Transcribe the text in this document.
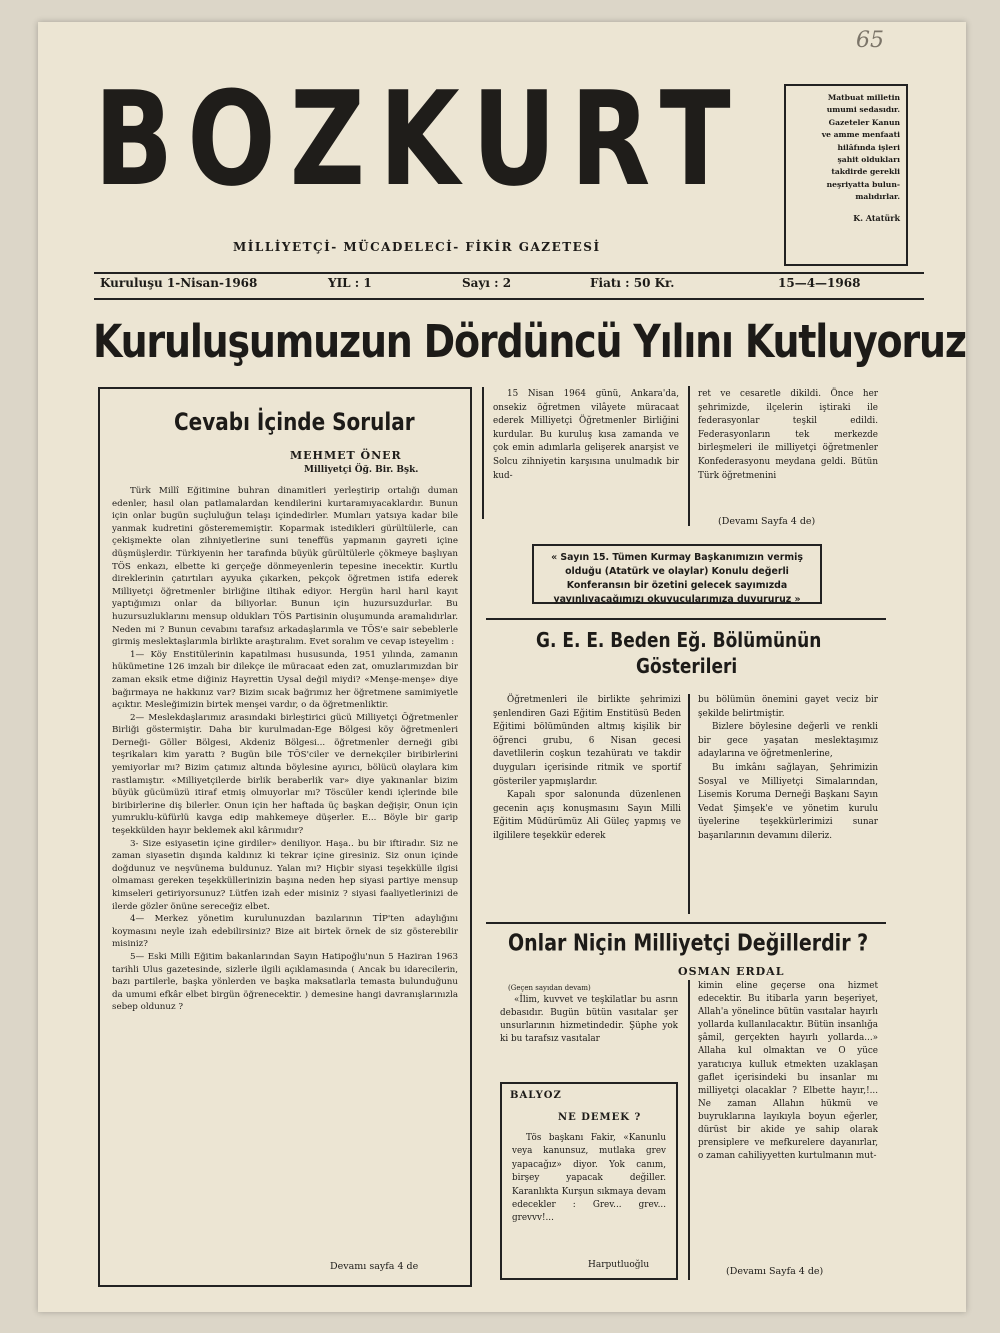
65
BOZKURT
MİLLİYETÇİ- MÜCADELECİ- FİKİR GAZETESİ
Matbuat milletin
umumi sedasıdır.
Gazeteler Kanun
ve amme menfaati
hilâfında işleri
şahit oldukları
takdirde gerekli
neşriyatta bulun-
malıdırlar.
K. Atatürk
Kuruluşu 1-Nisan-1968	YIL : 1	Sayı : 2	Fiatı : 50 Kr.	15—4—1968
Kuruluşumuzun Dördüncü Yılını Kutluyoruz
Cevabı İçinde Sorular
MEHMET ÖNER
Milliyetçi Öğ. Bir. Bşk.

Türk Millî Eğitimine buhran dinamitleri yerleştirip ortalığı duman edenler, hasıl olan patlamalardan kendilerini kurtaramıyacaklardır. Bunun için onlar bugün suçluluğun telaşı içindedirler. Mumları yatsıya kadar bile yanmak kudretini gösterememiştir. Koparmak istedikleri gürültülerle, can çekişmekte olan zihniyetlerine suni teneffüs yapmanın gayreti içine düşmüşlerdir. Türkiyenin her tarafında büyük gürültülerle çökmeye başlıyan TÖS enkazı, elbette ki gerçeğe dönmeyenlerin tepesine inecektir. Kurtlu direklerinin çatırtıları ayyuka çıkarken, pekçok öğretmen istifa ederek Milliyetçi öğretmenler birliğine iltihak ediyor. Hergün harıl harıl kayıt yaptığımızı onlar da biliyorlar. Bunun için huzursuzdurlar. Bu huzursuzluklarını mensup oldukları TÖS Partisinin oluşumunda aramalıdırlar. Neden mi ? Bunun cevabını tarafsız arkadaşlarımla ve TÖS'e sair sebeblerle girmiş meslektaşlarımla birlikte araştıralım. Evet soralım ve cevap isteyelim :

1— Köy Enstitülerinin kapatılması hususunda, 1951 yılında, zamanın hükümetine 126 imzalı bir dilekçe ile müracaat eden zat, omuzlarımızdan bir zaman eksik etme diğiniz Hayrettin Uysal değil miydi? «Menşe-menşe» diye bağırmaya ne hakkınız var? Bizim sıcak bağrımız her öğretmene samimiyetle açıktır. Mesleğimizin birtek menşei vardır, o da öğretmenliktir.

2— Meslekdaşlarımız arasındaki birleştirici gücü Milliyetçi Öğretmenler Birliği göstermiştir. Daha bir kurulmadan-Ege Bölgesi köy öğretmenleri Derneği- Göller Bölgesi, Akdeniz Bölgesi... öğretmenler derneği gibi teşrikaları kim yarattı ? Bugün bile TÖS'ciler ve dernekçiler biribirlerini yemiyorlar mı? Bizim çatımız altında böylesine ayırıcı, bölücü olaylara kim rastlamıştır. «Milliyetçilerde birlik beraberlik var» diye yakınanlar bizim büyük gücümüzü itiraf etmiş olmuyorlar mı? Töscüler kendi içlerinde bile biribirlerine diş bilerler. Onun için her haftada üç başkan değişir, Onun için yumruklu-küfürlü kavga edip mahkemeye düşerler. E... Böyle bir garip teşekkülden hayır beklemek akıl kârımıdır?

3- Size esiyasetin içine girdiler» deniliyor. Haşa.. bu bir iftiradır. Siz ne zaman siyasetin dışında kaldınız ki tekrar içine giresiniz. Siz onun içinde doğdunuz ve neşvünema buldunuz. Yalan mı? Hiçbir siyasi teşekkülle ilgisi olmaması gereken teşekküllerinizin başına neden hep siyasi partiye mensup kimseleri getiriyorsunuz? Lütfen izah eder misiniz ? siyasi faaliyetlerinizi de ilerde gözler önüne sereceğiz elbet.

4— Merkez yönetim kurulunuzdan bazılarının TİP'ten adaylığını koymasını neyle izah edebilirsiniz? Bize ait birtek örnek de siz gösterebilir misiniz?

5— Eski Milli Eğitim bakanlarından Sayın Hatipoğlu'nun 5 Haziran 1963 tarihli Ulus gazetesinde, sizlerle ilgili açıklamasında ( Ancak bu idarecilerin, bazı partilerle, başka yönlerden ve başka maksatlarla temasta bulunduğunu da umumi efkâr elbet birgün öğrenecektir. ) demesine hangi davranışlarınızla sebep oldunuz ?

Devamı sayfa 4 de

15 Nisan 1964 günü, Ankara'da, onsekiz öğretmen vilâyete müracaat ederek Milliyetçi Öğretmenler Birliğini kurdular. Bu kuruluş kısa zamanda ve çok emin adımlarla gelişerek anarşist ve Solcu zihniyetin karşısına unulmadık bir kud-

ret ve cesaretle dikildi. Önce her şehrimizde, ilçelerin iştiraki ile federasyonlar teşkil edildi. Federasyonların tek merkezde birleşmeleri ile milliyetçi öğretmenler Konfederasyonu meydana geldi. Bütün Türk öğretmenini

(Devamı Sayfa 4 de)
« Sayın 15. Tümen Kurmay Başkanımızın vermiş olduğu (Atatürk ve olaylar) Konulu değerli Konferansın bir özetini gelecek sayımızda yayınlıyacağımızı okuyucularımıza duyururuz »
G. E. E. Beden Eğ. Bölümünün
Gösterileri

Öğretmenleri ile birlikte şehrimizi şenlendiren Gazi Eğitim Enstitüsü Beden Eğitimi bölümünden altmış kişilik bir öğrenci grubu, 6 Nisan gecesi davetlilerin coşkun tezahüratı ve takdir duyguları içerisinde ritmik ve sportif gösteriler yapmışlardır.

Kapalı spor salonunda düzenlenen gecenin açış konuşmasını Sayın Milli Eğitim Müdürümüz Ali Güleç yapmış ve ilgililere teşekkür ederek

bu bölümün önemini gayet veciz bir şekilde belirtmiştir.

Bizlere böylesine değerli ve renkli bir gece yaşatan meslektaşımız adaylarına ve öğretmenlerine,

Bu imkânı sağlayan, Şehrimizin Sosyal ve Milliyetçi Simalarından, Lisemis Koruma Derneği Başkanı Sayın Vedat Şimşek'e ve yönetim kurulu üyelerine teşekkürlerimizi sunar başarılarının devamını dileriz.

Onlar Niçin Milliyetçi Değillerdir ?
OSMAN ERDAL
(Geçen sayıdan devam)

«İlim, kuvvet ve teşkilatlar bu asrın debasıdır. Bugün bütün vasıtalar şer unsurlarının hizmetindedir. Şüphe yok ki bu tarafsız vasıtalar

kimin eline geçerse ona hizmet edecektir. Bu itibarla yarın beşeriyet, Allah'a yönelince bütün vasıtalar hayırlı yollarda kullanılacaktır. Bütün insanlığa şâmil, gerçekten hayırlı yollarda...» Allaha kul olmaktan ve O yüce yaratıcıya kulluk etmekten uzaklaşan gaflet içerisindeki bu insanlar mı milliyetçi olacaklar ? Elbette hayır,!... Ne zaman Allahın hükmü ve buyruklarına layıkıyla boyun eğerler, dürüst bir akide ye sahip olarak prensiplere ve mefkurelere dayanırlar, o zaman cahiliyyetten kurtulmanın mut-

(Devamı Sayfa 4 de)
BALYOZ
NE DEMEK ?

Tös başkanı Fakir, «Kanunlu veya kanunsuz, mutlaka grev yapacağız» diyor. Yok canım, birşey yapacak değiller. Karanlıkta Kurşun sıkmaya devam edecekler : Grev... grev... grevvv!...

Harputluoğlu
